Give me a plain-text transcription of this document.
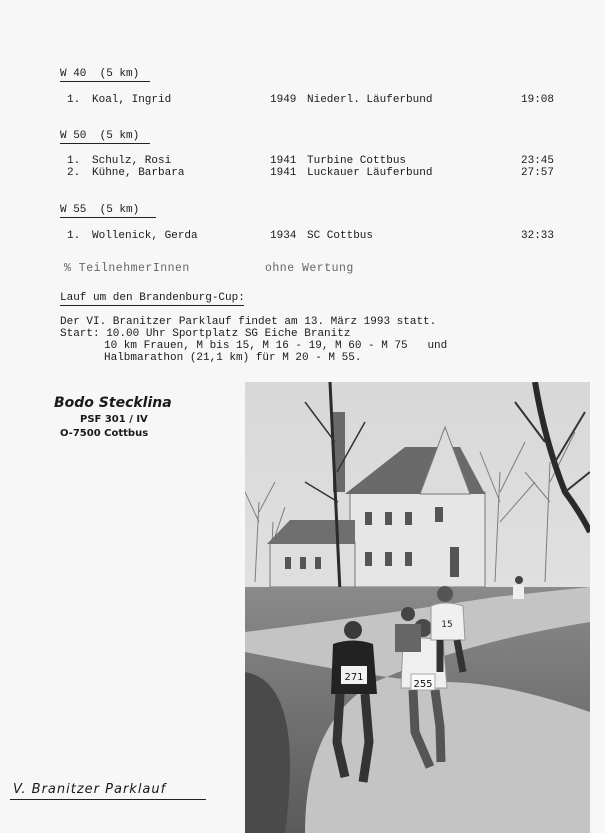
W 40  (5 km)
1. Koal, Ingrid	1949 Niederl. Läuferbund	19:08
W 50  (5 km)
1. Schulz, Rosi	1941 Turbine Cottbus	23:45
2. Kühne, Barbara	1941 Luckauer Läuferbund	27:57
W 55  (5 km)
1. Wollenick, Gerda	1934 SC Cottbus	32:33
% TeilnehmerInnen	ohne Wertung
Lauf um den Brandenburg-Cup:
Der VI. Branitzer Parklauf findet am 13. März 1993 statt.
Start: 10.00 Uhr Sportplatz SG Eiche Branitz
10 km Frauen, M bis 15, M 16 - 19, M 60 - M 75   und
Halbmarathon (21,1 km) für M 20 - M 55.
Bodo Stecklina
PSF 301 / IV
O-7500 Cottbus
271
255
15
V. Branitzer Parklauf
